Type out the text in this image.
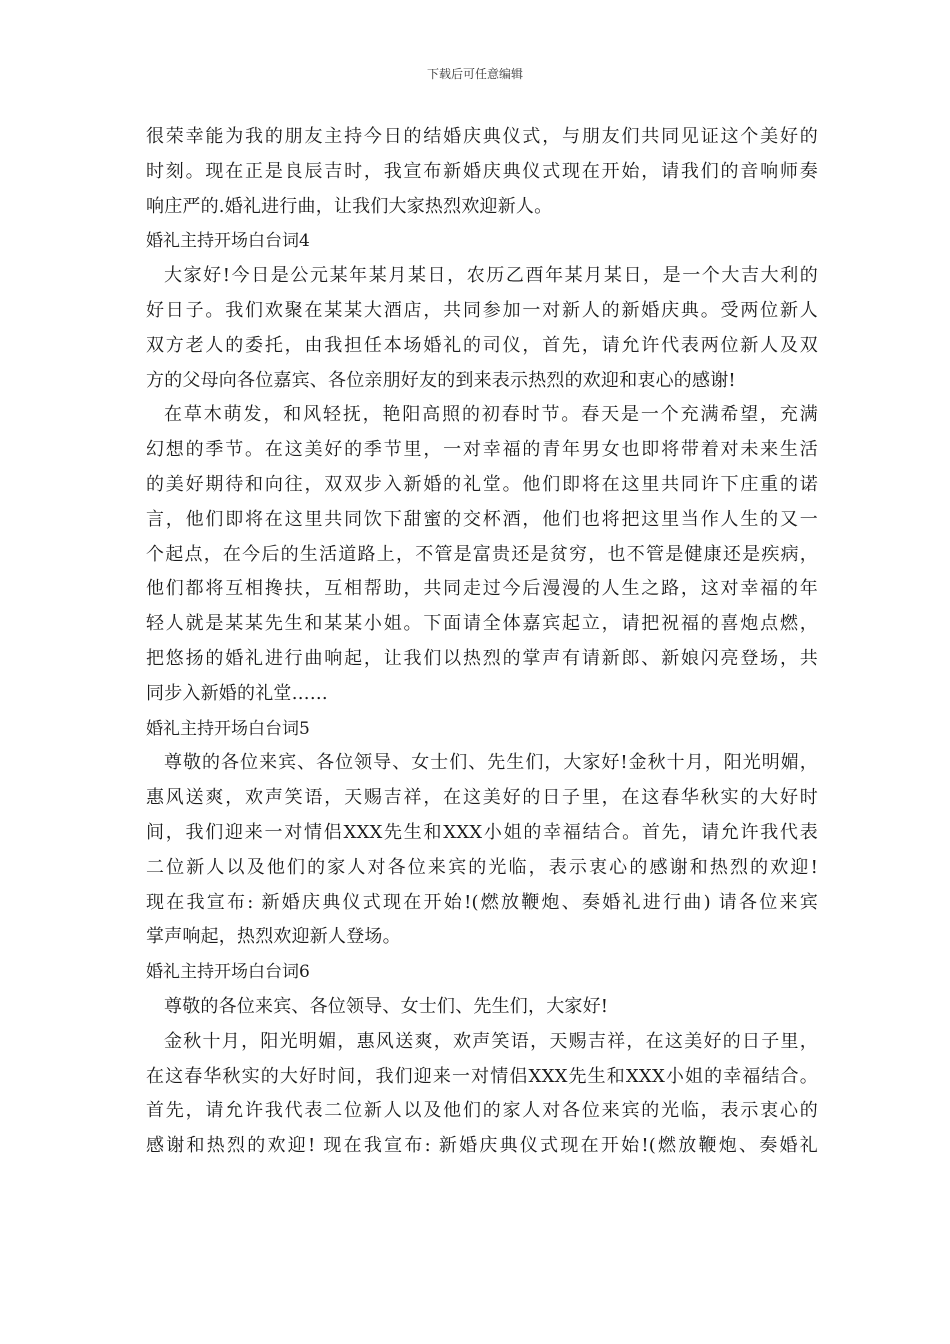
下载后可任意编辑
很荣幸能为我的朋友主持今日的结婚庆典仪式，与朋友们共同见证这个美好的
时刻。现在正是良辰吉时，我宣布新婚庆典仪式现在开始，请我们的音响师奏
响庄严的.婚礼进行曲，让我们大家热烈欢迎新人。
婚礼主持开场白台词4
大家好!今日是公元某年某月某日，农历乙酉年某月某日，是一个大吉大利的
好日子。我们欢聚在某某大酒店，共同参加一对新人的新婚庆典。受两位新人
双方老人的委托，由我担任本场婚礼的司仪，首先，请允许代表两位新人及双
方的父母向各位嘉宾、各位亲朋好友的到来表示热烈的欢迎和衷心的感谢!
在草木萌发，和风轻抚，艳阳高照的初春时节。春天是一个充满希望，充满
幻想的季节。在这美好的季节里，一对幸福的青年男女也即将带着对未来生活
的美好期待和向往，双双步入新婚的礼堂。他们即将在这里共同许下庄重的诺
言，他们即将在这里共同饮下甜蜜的交杯酒，他们也将把这里当作人生的又一
个起点，在今后的生活道路上，不管是富贵还是贫穷，也不管是健康还是疾病，
他们都将互相搀扶，互相帮助，共同走过今后漫漫的人生之路，这对幸福的年
轻人就是某某先生和某某小姐。下面请全体嘉宾起立，请把祝福的喜炮点燃，
把悠扬的婚礼进行曲响起，让我们以热烈的掌声有请新郎、新娘闪亮登场，共
同步入新婚的礼堂……
婚礼主持开场白台词5
尊敬的各位来宾、各位领导、女士们、先生们，大家好!金秋十月，阳光明媚，
惠风送爽，欢声笑语，天赐吉祥，在这美好的日子里，在这春华秋实的大好时
间，我们迎来一对情侣XXX先生和XXX小姐的幸福结合。首先，请允许我代表
二位新人以及他们的家人对各位来宾的光临，表示衷心的感谢和热烈的欢迎!
现在我宣布: 新婚庆典仪式现在开始!(燃放鞭炮、奏婚礼进行曲) 请各位来宾
掌声响起，热烈欢迎新人登场。
婚礼主持开场白台词6
尊敬的各位来宾、各位领导、女士们、先生们，大家好!
金秋十月，阳光明媚，惠风送爽，欢声笑语，天赐吉祥，在这美好的日子里，
在这春华秋实的大好时间，我们迎来一对情侣XXX先生和XXX小姐的幸福结合。
首先，请允许我代表二位新人以及他们的家人对各位来宾的光临，表示衷心的
感谢和热烈的欢迎! 现在我宣布: 新婚庆典仪式现在开始!(燃放鞭炮、奏婚礼
